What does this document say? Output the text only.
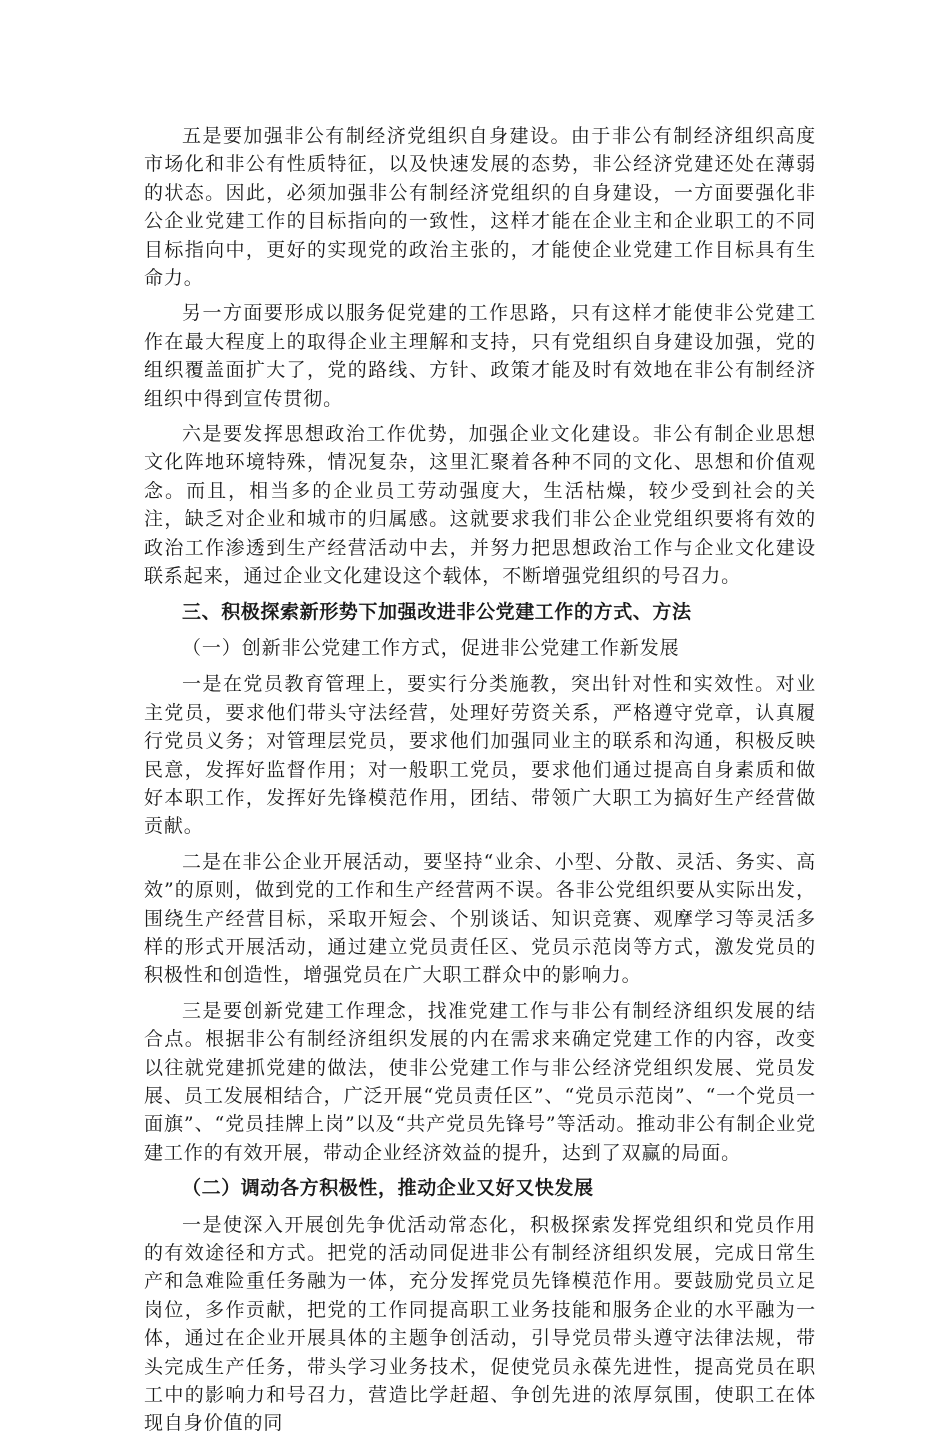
五是要加强非公有制经济党组织自身建设。由于非公有制经济组织高度市场化和非公有性质特征，以及快速发展的态势，非公经济党建还处在薄弱的状态。因此，必须加强非公有制经济党组织的自身建设，一方面要强化非公企业党建工作的目标指向的一致性，这样才能在企业主和企业职工的不同目标指向中，更好的实现党的政治主张的，才能使企业党建工作目标具有生命力。

另一方面要形成以服务促党建的工作思路，只有这样才能使非公党建工作在最大程度上的取得企业主理解和支持，只有党组织自身建设加强，党的组织覆盖面扩大了，党的路线、方针、政策才能及时有效地在非公有制经济组织中得到宣传贯彻。

六是要发挥思想政治工作优势，加强企业文化建设。非公有制企业思想文化阵地环境特殊，情况复杂，这里汇聚着各种不同的文化、思想和价值观念。而且，相当多的企业员工劳动强度大，生活枯燥，较少受到社会的关注，缺乏对企业和城市的归属感。这就要求我们非公企业党组织要将有效的政治工作渗透到生产经营活动中去，并努力把思想政治工作与企业文化建设联系起来，通过企业文化建设这个载体，不断增强党组织的号召力。

三、积极探索新形势下加强改进非公党建工作的方式、方法

（一）创新非公党建工作方式，促进非公党建工作新发展

一是在党员教育管理上，要实行分类施教，突出针对性和实效性。对业主党员，要求他们带头守法经营，处理好劳资关系，严格遵守党章，认真履行党员义务；对管理层党员，要求他们加强同业主的联系和沟通，积极反映民意，发挥好监督作用；对一般职工党员，要求他们通过提高自身素质和做好本职工作，发挥好先锋模范作用，团结、带领广大职工为搞好生产经营做贡献。

二是在非公企业开展活动，要坚持“业余、小型、分散、灵活、务实、高效”的原则，做到党的工作和生产经营两不误。各非公党组织要从实际出发，围绕生产经营目标，采取开短会、个别谈话、知识竞赛、观摩学习等灵活多样的形式开展活动，通过建立党员责任区、党员示范岗等方式，激发党员的积极性和创造性，增强党员在广大职工群众中的影响力。

三是要创新党建工作理念，找准党建工作与非公有制经济组织发展的结合点。根据非公有制经济组织发展的内在需求来确定党建工作的内容，改变以往就党建抓党建的做法，使非公党建工作与非公经济党组织发展、党员发展、员工发展相结合，广泛开展“党员责任区”、“党员示范岗”、“一个党员一面旗”、“党员挂牌上岗”以及“共产党员先锋号”等活动。推动非公有制企业党建工作的有效开展，带动企业经济效益的提升，达到了双赢的局面。

（二）调动各方积极性，推动企业又好又快发展

一是使深入开展创先争优活动常态化，积极探索发挥党组织和党员作用的有效途径和方式。把党的活动同促进非公有制经济组织发展，完成日常生产和急难险重任务融为一体，充分发挥党员先锋模范作用。要鼓励党员立足岗位，多作贡献，把党的工作同提高职工业务技能和服务企业的水平融为一体，通过在企业开展具体的主题争创活动，引导党员带头遵守法律法规，带头完成生产任务，带头学习业务技术，促使党员永葆先进性，提高党员在职工中的影响力和号召力，营造比学赶超、争创先进的浓厚氛围，使职工在体现自身价值的同
